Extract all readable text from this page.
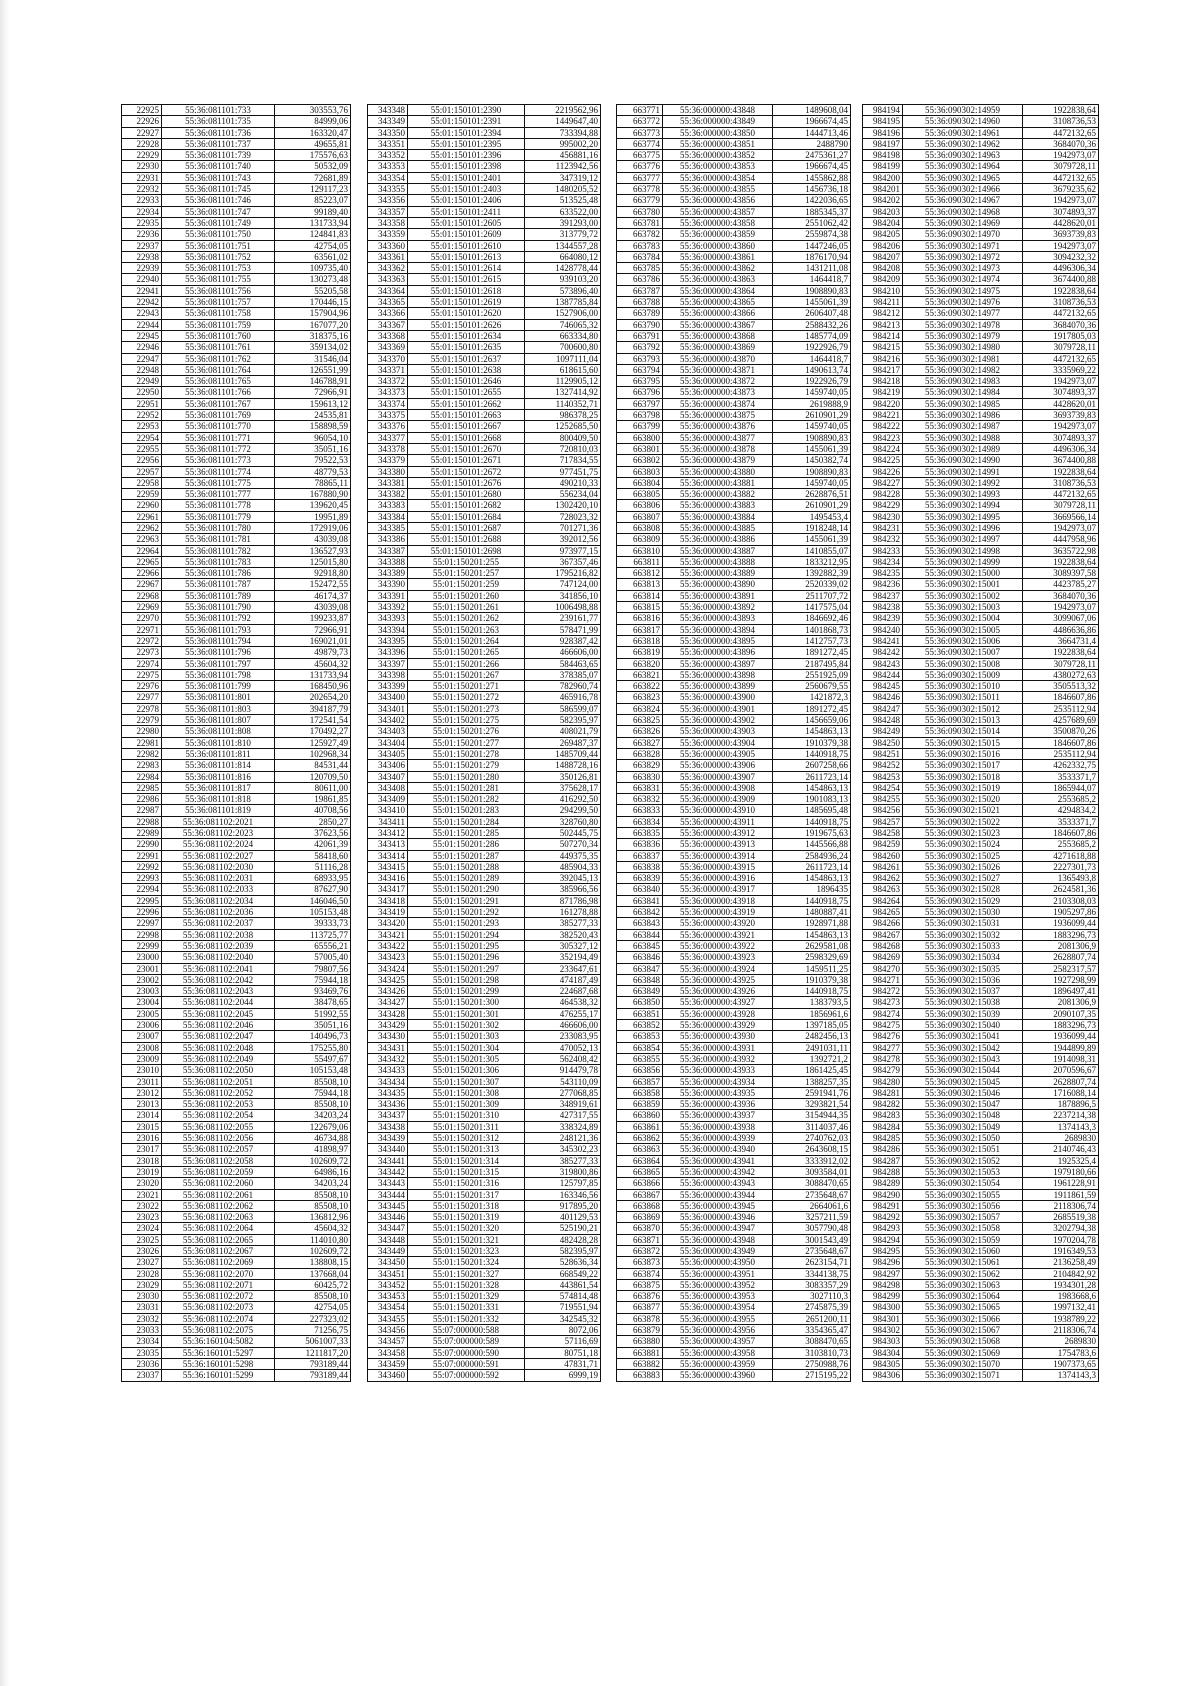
22925	55:36:081101:733	303553,76
22926	55:36:081101:735	84999,06
22927	55:36:081101:736	163320,47
22928	55:36:081101:737	49655,81
22929	55:36:081101:739	175576,63
22930	55:36:081101:740	50532,09
22931	55:36:081101:743	72681,89
22932	55:36:081101:745	129117,23
22933	55:36:081101:746	85223,07
22934	55:36:081101:747	99189,40
22935	55:36:081101:749	131733,94
22936	55:36:081101:750	124841,83
22937	55:36:081101:751	42754,05
22938	55:36:081101:752	63561,02
22939	55:36:081101:753	109735,40
22940	55:36:081101:755	130273,48
22941	55:36:081101:756	55205,58
22942	55:36:081101:757	170446,15
22943	55:36:081101:758	157904,96
22944	55:36:081101:759	167077,20
22945	55:36:081101:760	318375,16
22946	55:36:081101:761	359134,02
22947	55:36:081101:762	31546,04
22948	55:36:081101:764	126551,99
22949	55:36:081101:765	146788,91
22950	55:36:081101:766	72966,91
22951	55:36:081101:767	159613,12
22952	55:36:081101:769	24535,81
22953	55:36:081101:770	158898,59
22954	55:36:081101:771	96054,10
22955	55:36:081101:772	35051,16
22956	55:36:081101:773	79522,53
22957	55:36:081101:774	48779,53
22958	55:36:081101:775	78865,11
22959	55:36:081101:777	167880,90
22960	55:36:081101:778	139620,45
22961	55:36:081101:779	19951,89
22962	55:36:081101:780	172919,06
22963	55:36:081101:781	43039,08
22964	55:36:081101:782	136527,93
22965	55:36:081101:783	125015,80
22966	55:36:081101:786	92918,80
22967	55:36:081101:787	152472,55
22968	55:36:081101:789	46174,37
22969	55:36:081101:790	43039,08
22970	55:36:081101:792	199233,87
22971	55:36:081101:793	72966,91
22972	55:36:081101:794	169021,01
22973	55:36:081101:796	49879,73
22974	55:36:081101:797	45604,32
22975	55:36:081101:798	131733,94
22976	55:36:081101:799	168450,96
22977	55:36:081101:801	202654,20
22978	55:36:081101:803	394187,79
22979	55:36:081101:807	172541,54
22980	55:36:081101:808	170492,27
22981	55:36:081101:810	125927,49
22982	55:36:081101:811	102968,34
22983	55:36:081101:814	84531,44
22984	55:36:081101:816	120709,50
22985	55:36:081101:817	80611,00
22986	55:36:081101:818	19861,85
22987	55:36:081101:819	40708,56
22988	55:36:081102:2021	2850,27
22989	55:36:081102:2023	37623,56
22990	55:36:081102:2024	42061,39
22991	55:36:081102:2027	58418,60
22992	55:36:081102:2030	51116,28
22993	55:36:081102:2031	68933,95
22994	55:36:081102:2033	87627,90
22995	55:36:081102:2034	146046,50
22996	55:36:081102:2036	105153,48
22997	55:36:081102:2037	39333,73
22998	55:36:081102:2038	113725,77
22999	55:36:081102:2039	65556,21
23000	55:36:081102:2040	57005,40
23001	55:36:081102:2041	79807,56
23002	55:36:081102:2042	75944,18
23003	55:36:081102:2043	93469,76
23004	55:36:081102:2044	38478,65
23005	55:36:081102:2045	51992,55
23006	55:36:081102:2046	35051,16
23007	55:36:081102:2047	140496,73
23008	55:36:081102:2048	175255,80
23009	55:36:081102:2049	55497,67
23010	55:36:081102:2050	105153,48
23011	55:36:081102:2051	85508,10
23012	55:36:081102:2052	75944,18
23013	55:36:081102:2053	85508,10
23014	55:36:081102:2054	34203,24
23015	55:36:081102:2055	122679,06
23016	55:36:081102:2056	46734,88
23017	55:36:081102:2057	41898,97
23018	55:36:081102:2058	102609,72
23019	55:36:081102:2059	64986,16
23020	55:36:081102:2060	34203,24
23021	55:36:081102:2061	85508,10
23022	55:36:081102:2062	85508,10
23023	55:36:081102:2063	136812,96
23024	55:36:081102:2064	45604,32
23025	55:36:081102:2065	114010,80
23026	55:36:081102:2067	102609,72
23027	55:36:081102:2069	138808,15
23028	55:36:081102:2070	137668,04
23029	55:36:081102:2071	60425,72
23030	55:36:081102:2072	85508,10
23031	55:36:081102:2073	42754,05
23032	55:36:081102:2074	227323,02
23033	55:36:081102:2075	71256,75
23034	55:36:160104:5082	5061007,33
23035	55:36:160101:5297	1211817,20
23036	55:36:160101:5298	793189,44
23037	55:36:160101:5299	793189,44
343348	55:01:150101:2390	2219562,96
343349	55:01:150101:2391	1449647,40
343350	55:01:150101:2394	733394,88
343351	55:01:150101:2395	995002,20
343352	55:01:150101:2396	456881,16
343353	55:01:150101:2398	1123942,56
343354	55:01:150101:2401	347319,12
343355	55:01:150101:2403	1480205,52
343356	55:01:150101:2406	513525,48
343357	55:01:150101:2411	633522,00
343358	55:01:150101:2605	391293,00
343359	55:01:150101:2609	313779,72
343360	55:01:150101:2610	1344557,28
343361	55:01:150101:2613	664080,12
343362	55:01:150101:2614	1428778,44
343363	55:01:150101:2615	939103,20
343364	55:01:150101:2618	573896,40
343365	55:01:150101:2619	1387785,84
343366	55:01:150101:2620	1527906,00
343367	55:01:150101:2626	746065,32
343368	55:01:150101:2634	663334,80
343369	55:01:150101:2635	700600,80
343370	55:01:150101:2637	1097111,04
343371	55:01:150101:2638	618615,60
343372	55:01:150101:2646	1129905,12
343373	55:01:150101:2655	1327414,92
343374	55:01:150101:2662	1140352,71
343375	55:01:150101:2663	986378,25
343376	55:01:150101:2667	1252685,50
343377	55:01:150101:2668	800409,50
343378	55:01:150101:2670	720810,03
343379	55:01:150101:2671	717834,55
343380	55:01:150101:2672	977451,75
343381	55:01:150101:2676	490210,33
343382	55:01:150101:2680	556234,04
343383	55:01:150101:2682	1302420,10
343384	55:01:150101:2684	728023,32
343385	55:01:150101:2687	701271,36
343386	55:01:150101:2688	392012,56
343387	55:01:150101:2698	973977,15
343388	55:01:150201:255	367357,46
343389	55:01:150201:257	1795216,82
343390	55:01:150201:259	747124,00
343391	55:01:150201:260	341856,10
343392	55:01:150201:261	1006498,88
343393	55:01:150201:262	239161,77
343394	55:01:150201:263	578471,99
343395	55:01:150201:264	928387,42
343396	55:01:150201:265	466606,00
343397	55:01:150201:266	584463,65
343398	55:01:150201:267	378385,07
343399	55:01:150201:271	782960,74
343400	55:01:150201:272	465916,78
343401	55:01:150201:273	586599,07
343402	55:01:150201:275	582395,97
343403	55:01:150201:276	408021,79
343404	55:01:150201:277	269487,37
343405	55:01:150201:278	1485709,44
343406	55:01:150201:279	1488728,16
343407	55:01:150201:280	350126,81
343408	55:01:150201:281	375628,17
343409	55:01:150201:282	416292,50
343410	55:01:150201:283	294299,50
343411	55:01:150201:284	328760,80
343412	55:01:150201:285	502445,75
343413	55:01:150201:286	507270,34
343414	55:01:150201:287	449375,35
343415	55:01:150201:288	485904,33
343416	55:01:150201:289	392045,13
343417	55:01:150201:290	385966,56
343418	55:01:150201:291	871786,98
343419	55:01:150201:292	161278,88
343420	55:01:150201:293	385277,33
343421	55:01:150201:294	382520,43
343422	55:01:150201:295	305327,12
343423	55:01:150201:296	352194,49
343424	55:01:150201:297	233647,61
343425	55:01:150201:298	474187,49
343426	55:01:150201:299	224687,68
343427	55:01:150201:300	464538,32
343428	55:01:150201:301	476255,17
343429	55:01:150201:302	466606,00
343430	55:01:150201:303	233083,95
343431	55:01:150201:304	470052,13
343432	55:01:150201:305	562408,42
343433	55:01:150201:306	914479,78
343434	55:01:150201:307	543110,09
343435	55:01:150201:308	277068,85
343436	55:01:150201:309	348919,61
343437	55:01:150201:310	427317,55
343438	55:01:150201:311	338324,89
343439	55:01:150201:312	248121,36
343440	55:01:150201:313	345302,23
343441	55:01:150201:314	385277,33
343442	55:01:150201:315	319800,86
343443	55:01:150201:316	125797,85
343444	55:01:150201:317	163346,56
343445	55:01:150201:318	917895,20
343446	55:01:150201:319	401129,53
343447	55:01:150201:320	525190,21
343448	55:01:150201:321	482428,28
343449	55:01:150201:323	582395,97
343450	55:01:150201:324	528636,34
343451	55:01:150201:327	668549,22
343452	55:01:150201:328	443861,54
343453	55:01:150201:329	574814,48
343454	55:01:150201:331	719551,94
343455	55:01:150201:332	342545,32
343456	55:07:000000:588	8072,06
343457	55:07:000000:589	57116,69
343458	55:07:000000:590	80751,18
343459	55:07:000000:591	47831,71
343460	55:07:000000:592	6999,19
663771	55:36:000000:43848	1489608,04
663772	55:36:000000:43849	1966674,45
663773	55:36:000000:43850	1444713,46
663774	55:36:000000:43851	2488790
663775	55:36:000000:43852	2475361,27
663776	55:36:000000:43853	1966674,45
663777	55:36:000000:43854	1455862,88
663778	55:36:000000:43855	1456736,18
663779	55:36:000000:43856	1422036,65
663780	55:36:000000:43857	1885345,37
663781	55:36:000000:43858	2551062,42
663782	55:36:000000:43859	2559874,38
663783	55:36:000000:43860	1447246,05
663784	55:36:000000:43861	1876170,94
663785	55:36:000000:43862	1431211,08
663786	55:36:000000:43863	1464418,7
663787	55:36:000000:43864	1908890,83
663788	55:36:000000:43865	1455061,39
663789	55:36:000000:43866	2606407,48
663790	55:36:000000:43867	2588432,26
663791	55:36:000000:43868	1485774,09
663792	55:36:000000:43869	1922926,79
663793	55:36:000000:43870	1464418,7
663794	55:36:000000:43871	1490613,74
663795	55:36:000000:43872	1922926,79
663796	55:36:000000:43873	1459740,05
663797	55:36:000000:43874	2619888,9
663798	55:36:000000:43875	2610901,29
663799	55:36:000000:43876	1459740,05
663800	55:36:000000:43877	1908890,83
663801	55:36:000000:43878	1455061,39
663802	55:36:000000:43879	1450382,74
663803	55:36:000000:43880	1908890,83
663804	55:36:000000:43881	1459740,05
663805	55:36:000000:43882	2628876,51
663806	55:36:000000:43883	2610901,29
663807	55:36:000000:43884	1495453,4
663808	55:36:000000:43885	1918248,14
663809	55:36:000000:43886	1455061,39
663810	55:36:000000:43887	1410855,07
663811	55:36:000000:43888	1833212,95
663812	55:36:000000:43889	1392882,39
663813	55:36:000000:43890	2520339,02
663814	55:36:000000:43891	2511707,72
663815	55:36:000000:43892	1417575,04
663816	55:36:000000:43893	1846692,46
663817	55:36:000000:43894	1401868,73
663818	55:36:000000:43895	1412757,73
663819	55:36:000000:43896	1891272,45
663820	55:36:000000:43897	2187495,84
663821	55:36:000000:43898	2551925,09
663822	55:36:000000:43899	2560679,55
663823	55:36:000000:43900	1421872,3
663824	55:36:000000:43901	1891272,45
663825	55:36:000000:43902	1456659,06
663826	55:36:000000:43903	1454863,13
663827	55:36:000000:43904	1910379,38
663828	55:36:000000:43905	1440918,75
663829	55:36:000000:43906	2607258,66
663830	55:36:000000:43907	2611723,14
663831	55:36:000000:43908	1454863,13
663832	55:36:000000:43909	1901083,13
663833	55:36:000000:43910	1485695,48
663834	55:36:000000:43911	1440918,75
663835	55:36:000000:43912	1919675,63
663836	55:36:000000:43913	1445566,88
663837	55:36:000000:43914	2584936,24
663838	55:36:000000:43915	2611723,14
663839	55:36:000000:43916	1454863,13
663840	55:36:000000:43917	1896435
663841	55:36:000000:43918	1440918,75
663842	55:36:000000:43919	1480887,41
663843	55:36:000000:43920	1928971,88
663844	55:36:000000:43921	1454863,13
663845	55:36:000000:43922	2629581,08
663846	55:36:000000:43923	2598329,69
663847	55:36:000000:43924	1459511,25
663848	55:36:000000:43925	1910379,38
663849	55:36:000000:43926	1440918,75
663850	55:36:000000:43927	1383793,5
663851	55:36:000000:43928	1856961,6
663852	55:36:000000:43929	1397185,05
663853	55:36:000000:43930	2482456,13
663854	55:36:000000:43931	2491031,11
663855	55:36:000000:43932	1392721,2
663856	55:36:000000:43933	1861425,45
663857	55:36:000000:43934	1388257,35
663858	55:36:000000:43935	2591941,76
663859	55:36:000000:43936	3293821,54
663860	55:36:000000:43937	3154944,35
663861	55:36:000000:43938	3114037,46
663862	55:36:000000:43939	2740762,03
663863	55:36:000000:43940	2643608,15
663864	55:36:000000:43941	3333912,02
663865	55:36:000000:43942	3093584,01
663866	55:36:000000:43943	3088470,65
663867	55:36:000000:43944	2735648,67
663868	55:36:000000:43945	2664061,6
663869	55:36:000000:43946	3257211,59
663870	55:36:000000:43947	3057790,48
663871	55:36:000000:43948	3001543,49
663872	55:36:000000:43949	2735648,67
663873	55:36:000000:43950	2623154,71
663874	55:36:000000:43951	3344138,75
663875	55:36:000000:43952	3083357,29
663876	55:36:000000:43953	3027110,3
663877	55:36:000000:43954	2745875,39
663878	55:36:000000:43955	2651200,11
663879	55:36:000000:43956	3354365,47
663880	55:36:000000:43957	3088470,65
663881	55:36:000000:43958	3103810,73
663882	55:36:000000:43959	2750988,76
663883	55:36:000000:43960	2715195,22
984194	55:36:090302:14959	1922838,64
984195	55:36:090302:14960	3108736,53
984196	55:36:090302:14961	4472132,65
984197	55:36:090302:14962	3684070,36
984198	55:36:090302:14963	1942973,07
984199	55:36:090302:14964	3079728,11
984200	55:36:090302:14965	4472132,65
984201	55:36:090302:14966	3679235,62
984202	55:36:090302:14967	1942973,07
984203	55:36:090302:14968	3074893,37
984204	55:36:090302:14969	4428620,01
984205	55:36:090302:14970	3693739,83
984206	55:36:090302:14971	1942973,07
984207	55:36:090302:14972	3094232,32
984208	55:36:090302:14973	4496306,34
984209	55:36:090302:14974	3674400,88
984210	55:36:090302:14975	1922838,64
984211	55:36:090302:14976	3108736,53
984212	55:36:090302:14977	4472132,65
984213	55:36:090302:14978	3684070,36
984214	55:36:090302:14979	1917805,03
984215	55:36:090302:14980	3079728,11
984216	55:36:090302:14981	4472132,65
984217	55:36:090302:14982	3335969,22
984218	55:36:090302:14983	1942973,07
984219	55:36:090302:14984	3074893,37
984220	55:36:090302:14985	4428620,01
984221	55:36:090302:14986	3693739,83
984222	55:36:090302:14987	1942973,07
984223	55:36:090302:14988	3074893,37
984224	55:36:090302:14989	4496306,34
984225	55:36:090302:14990	3674400,88
984226	55:36:090302:14991	1922838,64
984227	55:36:090302:14992	3108736,53
984228	55:36:090302:14993	4472132,65
984229	55:36:090302:14994	3079728,11
984230	55:36:090302:14995	3669566,14
984231	55:36:090302:14996	1942973,07
984232	55:36:090302:14997	4447958,96
984233	55:36:090302:14998	3635722,98
984234	55:36:090302:14999	1922838,64
984235	55:36:090302:15000	3089397,58
984236	55:36:090302:15001	4423785,27
984237	55:36:090302:15002	3684070,36
984238	55:36:090302:15003	1942973,07
984239	55:36:090302:15004	3099067,06
984240	55:36:090302:15005	4486636,86
984241	55:36:090302:15006	3664731,4
984242	55:36:090302:15007	1922838,64
984243	55:36:090302:15008	3079728,11
984244	55:36:090302:15009	4380272,63
984245	55:36:090302:15010	3505513,32
984246	55:36:090302:15011	1846607,86
984247	55:36:090302:15012	2535112,94
984248	55:36:090302:15013	4257689,69
984249	55:36:090302:15014	3500870,26
984250	55:36:090302:15015	1846607,86
984251	55:36:090302:15016	2535112,94
984252	55:36:090302:15017	4262332,75
984253	55:36:090302:15018	3533371,7
984254	55:36:090302:15019	1865944,07
984255	55:36:090302:15020	2553685,2
984256	55:36:090302:15021	4294834,2
984257	55:36:090302:15022	3533371,7
984258	55:36:090302:15023	1846607,86
984259	55:36:090302:15024	2553685,2
984260	55:36:090302:15025	4271618,88
984261	55:36:090302:15026	2227301,73
984262	55:36:090302:15027	1365493,8
984263	55:36:090302:15028	2624581,36
984264	55:36:090302:15029	2103308,03
984265	55:36:090302:15030	1905297,86
984266	55:36:090302:15031	1936099,44
984267	55:36:090302:15032	1883296,73
984268	55:36:090302:15033	2081306,9
984269	55:36:090302:15034	2628807,74
984270	55:36:090302:15035	2582317,57
984271	55:36:090302:15036	1927298,99
984272	55:36:090302:15037	1896497,41
984273	55:36:090302:15038	2081306,9
984274	55:36:090302:15039	2090107,35
984275	55:36:090302:15040	1883296,73
984276	55:36:090302:15041	1936099,44
984277	55:36:090302:15042	1944899,89
984278	55:36:090302:15043	1914098,31
984279	55:36:090302:15044	2070596,67
984280	55:36:090302:15045	2628807,74
984281	55:36:090302:15046	1716088,14
984282	55:36:090302:15047	1878896,5
984283	55:36:090302:15048	2237214,38
984284	55:36:090302:15049	1374143,3
984285	55:36:090302:15050	2689830
984286	55:36:090302:15051	2140746,43
984287	55:36:090302:15052	1925325,4
984288	55:36:090302:15053	1979180,66
984289	55:36:090302:15054	1961228,91
984290	55:36:090302:15055	1911861,59
984291	55:36:090302:15056	2118306,74
984292	55:36:090302:15057	2685519,38
984293	55:36:090302:15058	3202794,38
984294	55:36:090302:15059	1970204,78
984295	55:36:090302:15060	1916349,53
984296	55:36:090302:15061	2136258,49
984297	55:36:090302:15062	2104842,92
984298	55:36:090302:15063	1934301,28
984299	55:36:090302:15064	1983668,6
984300	55:36:090302:15065	1997132,41
984301	55:36:090302:15066	1938789,22
984302	55:36:090302:15067	2118306,74
984303	55:36:090302:15068	2689830
984304	55:36:090302:15069	1754783,6
984305	55:36:090302:15070	1907373,65
984306	55:36:090302:15071	1374143,3
